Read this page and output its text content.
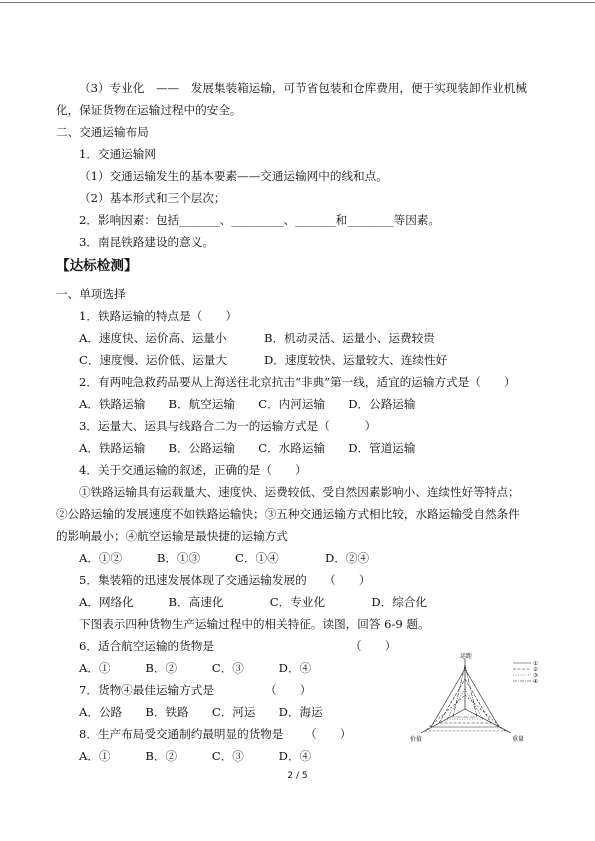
（3）专业化　——　发展集装箱运输，可节省包装和仓库费用，便于实现装卸作业机械
化，保证货物在运输过程中的安全。
二、交通运输布局
1．交通运输网
（1）交通运输发生的基本要素——交通运输网中的线和点。
（2）基本形式和三个层次；
2．影响因素：包括_______、_________、_______和________等因素。
3．南昆铁路建设的意义。
【达标检测】
一、单项选择
1．铁路运输的特点是（　　）
A．速度快、运价高、运量小	B．机动灵活、运量小、运费较贵
C．速度慢、运价低、运量大	D．速度较快、运量较大、连续性好
2．有两吨急救药品要从上海送往北京抗击“非典”第一线，适宜的运输方式是（　　）
A．铁路运输　　B．航空运输　　C．内河运输　　D．公路运输
3．运量大、运具与线路合二为一的运输方式是（　　　）
A．铁路运输　　B．公路运输　　C．水路运输　　D．管道运输
4．关于交通运输的叙述，正确的是（　　）
①铁路运输具有运载量大、速度快、运费较低、受自然因素影响小、连续性好等特点；
②公路运输的发展速度不如铁路运输快；③五种交通运输方式相比较，水路运输受自然条件
的影响最小；④航空运输是最快捷的运输方式
A．①②　　　B．①③　　　C．①④　　　　D．②④
5．集装箱的迅速发展体现了交通运输发展的　　（　　）
A．网络化　　　B．高速化　　　　C．专业化　　　　D．综合化
下图表示四种货物生产运输过程中的相关特征。读图，回答 6-9 题。
6．适合航空运输的货物是	（　　）
A．①　　　B．②　　　C．③　　　D．④
7．货物④最佳运输方式是	（　　）
A．公路　　B．铁路　　C．河运　　D．海运
8．生产布局受交通制约最明显的货物是 （　　）
A．①　　　B．②　　　C．③　　　D．④
运距
重量
价值
①
②
③
④
2 / 5
